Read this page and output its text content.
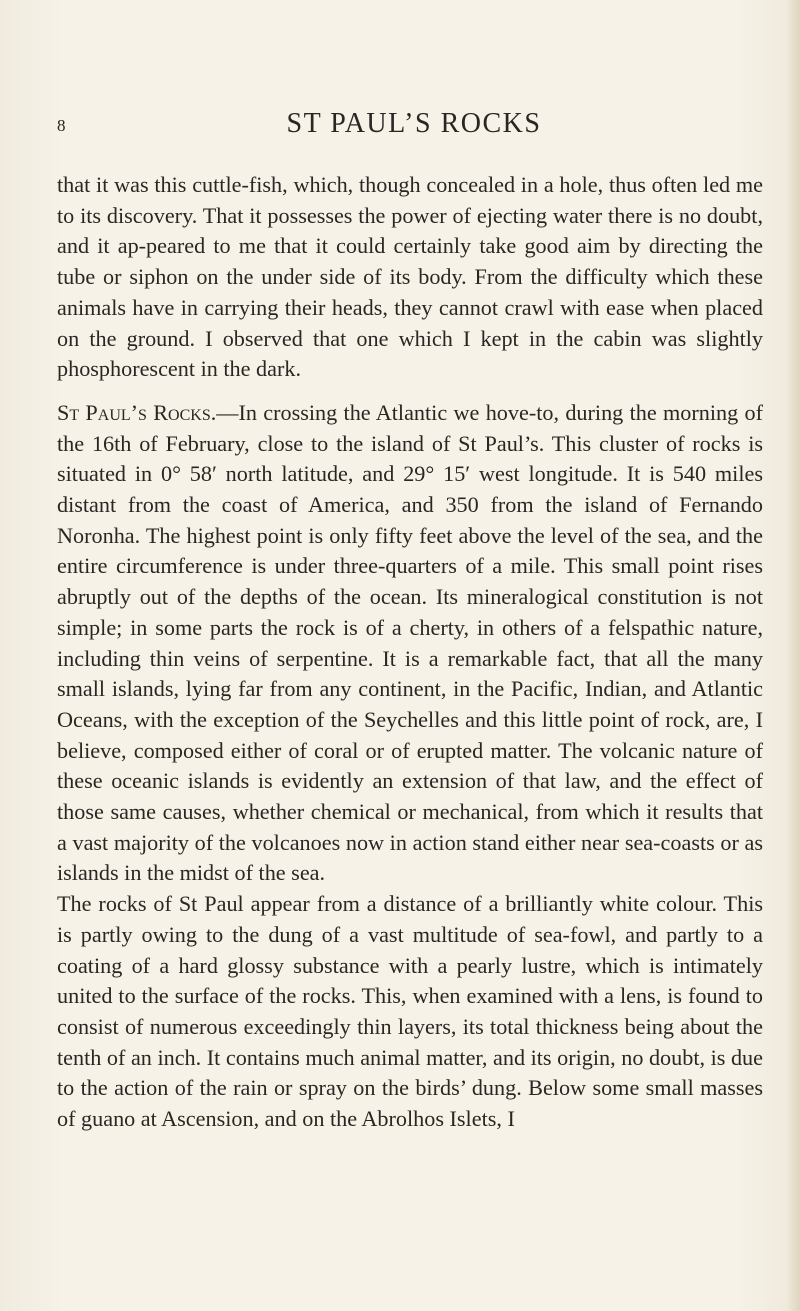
8	ST PAUL’S ROCKS

that it was this cuttle-fish, which, though concealed in a hole, thus often led me to its discovery. That it possesses the power of ejecting water there is no doubt, and it ap-peared to me that it could certainly take good aim by directing the tube or siphon on the under side of its body. From the difficulty which these animals have in carrying their heads, they cannot crawl with ease when placed on the ground. I observed that one which I kept in the cabin was slightly phosphorescent in the dark.

St Paul’s Rocks.—In crossing the Atlantic we hove-to, during the morning of the 16th of February, close to the island of St Paul’s. This cluster of rocks is situated in 0° 58′ north latitude, and 29° 15′ west longitude. It is 540 miles distant from the coast of America, and 350 from the island of Fernando Noronha. The highest point is only fifty feet above the level of the sea, and the entire circumference is under three-quarters of a mile. This small point rises abruptly out of the depths of the ocean. Its mineralogical constitution is not simple; in some parts the rock is of a cherty, in others of a felspathic nature, including thin veins of serpentine. It is a remarkable fact, that all the many small islands, lying far from any continent, in the Pacific, Indian, and Atlantic Oceans, with the exception of the Seychelles and this little point of rock, are, I believe, composed either of coral or of erupted matter. The volcanic nature of these oceanic islands is evidently an extension of that law, and the effect of those same causes, whether chemical or mechanical, from which it results that a vast majority of the volcanoes now in action stand either near sea-coasts or as islands in the midst of the sea.

The rocks of St Paul appear from a distance of a brilliantly white colour. This is partly owing to the dung of a vast multitude of sea-fowl, and partly to a coating of a hard glossy substance with a pearly lustre, which is intimately united to the surface of the rocks. This, when examined with a lens, is found to consist of numerous exceedingly thin layers, its total thickness being about the tenth of an inch. It contains much animal matter, and its origin, no doubt, is due to the action of the rain or spray on the birds’ dung. Below some small masses of guano at Ascension, and on the Abrolhos Islets, I
